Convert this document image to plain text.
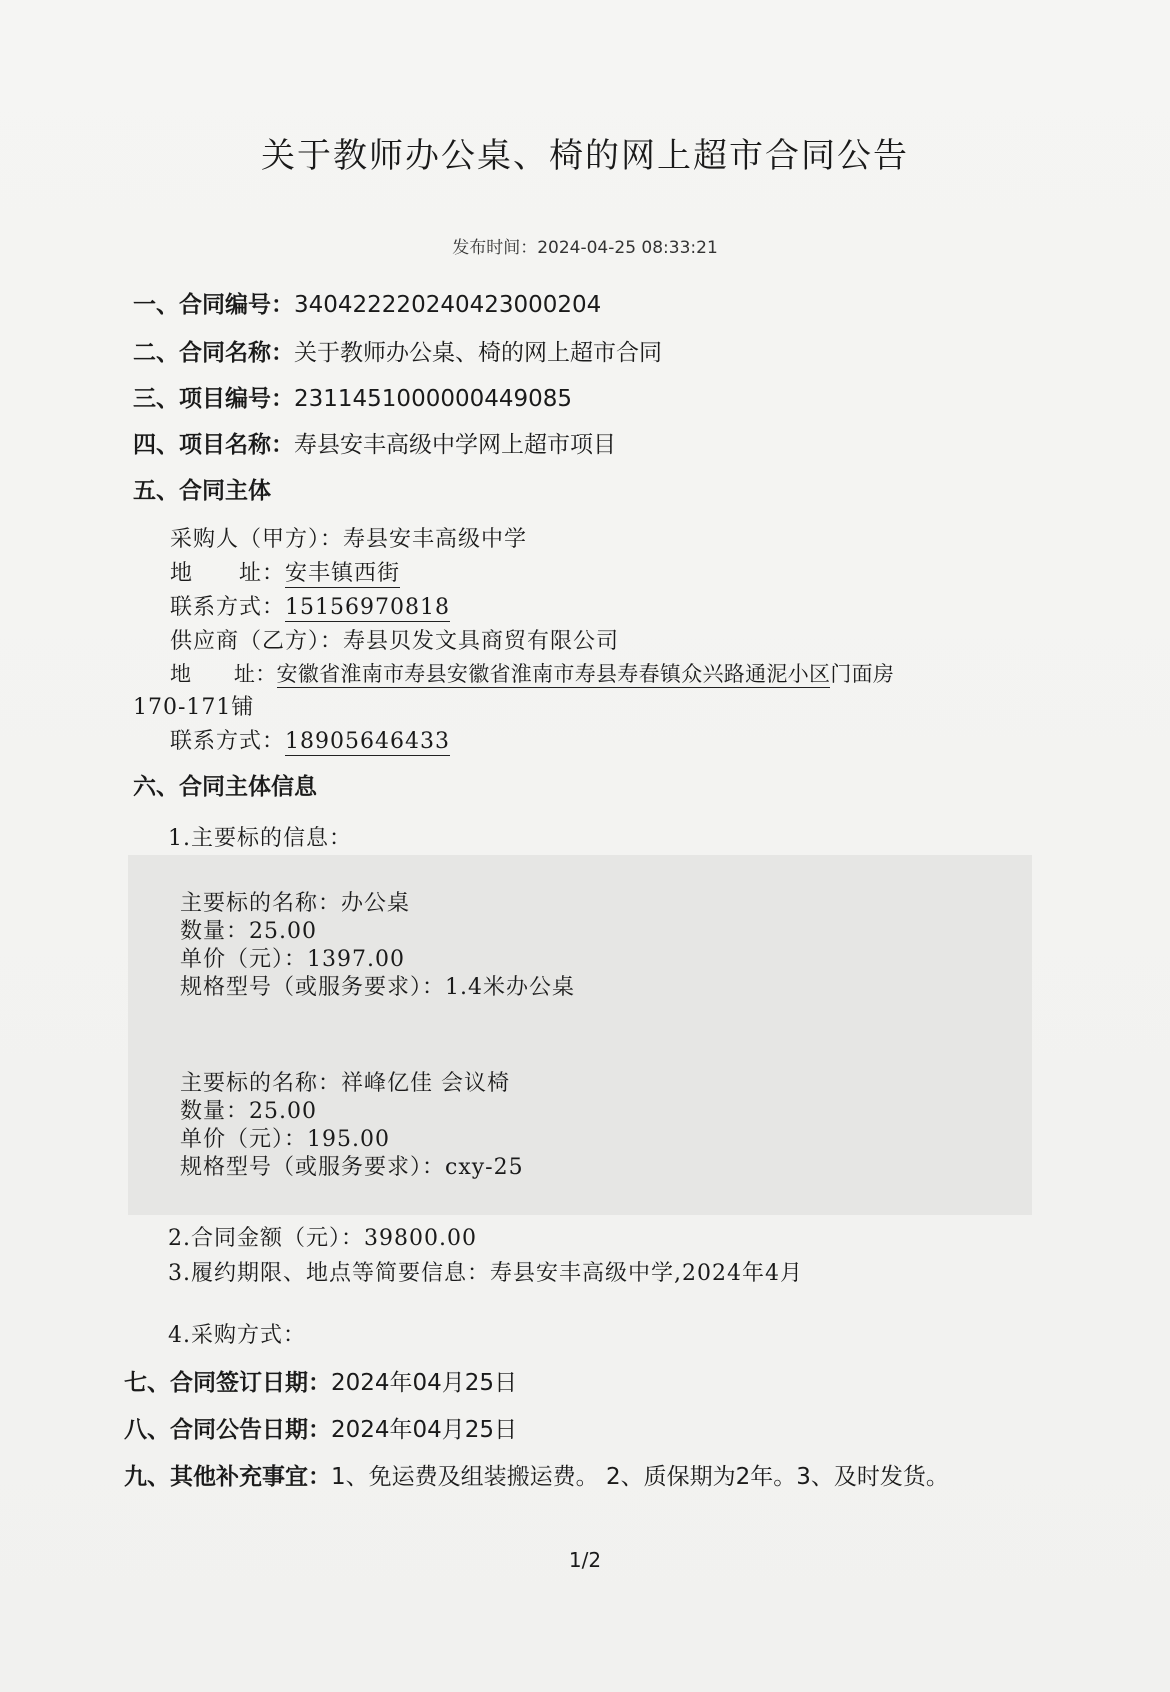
关于教师办公桌、椅的网上超市合同公告
发布时间：2024-04-25 08:33:21
一、合同编号：340422220240423000204
二、合同名称：关于教师办公桌、椅的网上超市合同
三、项目编号：2311451000000449085
四、项目名称：寿县安丰高级中学网上超市项目
五、合同主体
采购人（甲方）：寿县安丰高级中学
地　　址：安丰镇西街
联系方式：15156970818
供应商（乙方）：寿县贝发文具商贸有限公司
地　　址：安徽省淮南市寿县安徽省淮南市寿县寿春镇众兴路通泥小区门面房
170-171铺
联系方式：18905646433
六、合同主体信息
1.主要标的信息：
主要标的名称：办公桌
数量：25.00
单价（元）：1397.00
规格型号（或服务要求）：1.4米办公桌
主要标的名称：祥峰亿佳 会议椅
数量：25.00
单价（元）：195.00
规格型号（或服务要求）：cxy-25
2.合同金额（元）：39800.00
3.履约期限、地点等简要信息：寿县安丰高级中学,2024年4月
4.采购方式：
七、合同签订日期：2024年04月25日
八、合同公告日期：2024年04月25日
九、其他补充事宜：1、免运费及组装搬运费。 2、质保期为2年。3、及时发货。
1/2
